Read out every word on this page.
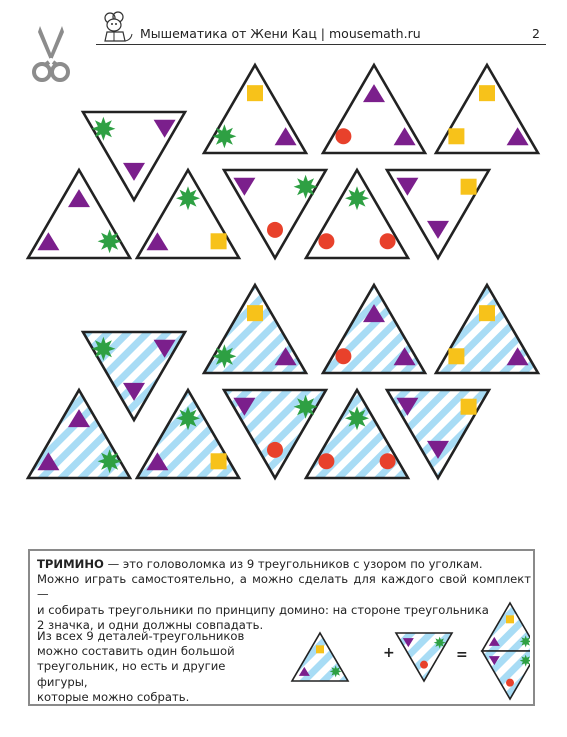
Мышематика от Жени Кац | mousemath.ru	2
ТРИМИНО — это головоломка из 9 треугольников с узором по уголкам.
Можно играть самостоятельно, а можно сделать для каждого свой комплект —
и собирать треугольники по принципу домино: на стороне треугольника
2 значка, и одни должны совпадать.
Из всех 9 деталей-треугольников
можно составить один большой
треугольник, но есть и другие фигуры,
которые можно собрать.
+	=
